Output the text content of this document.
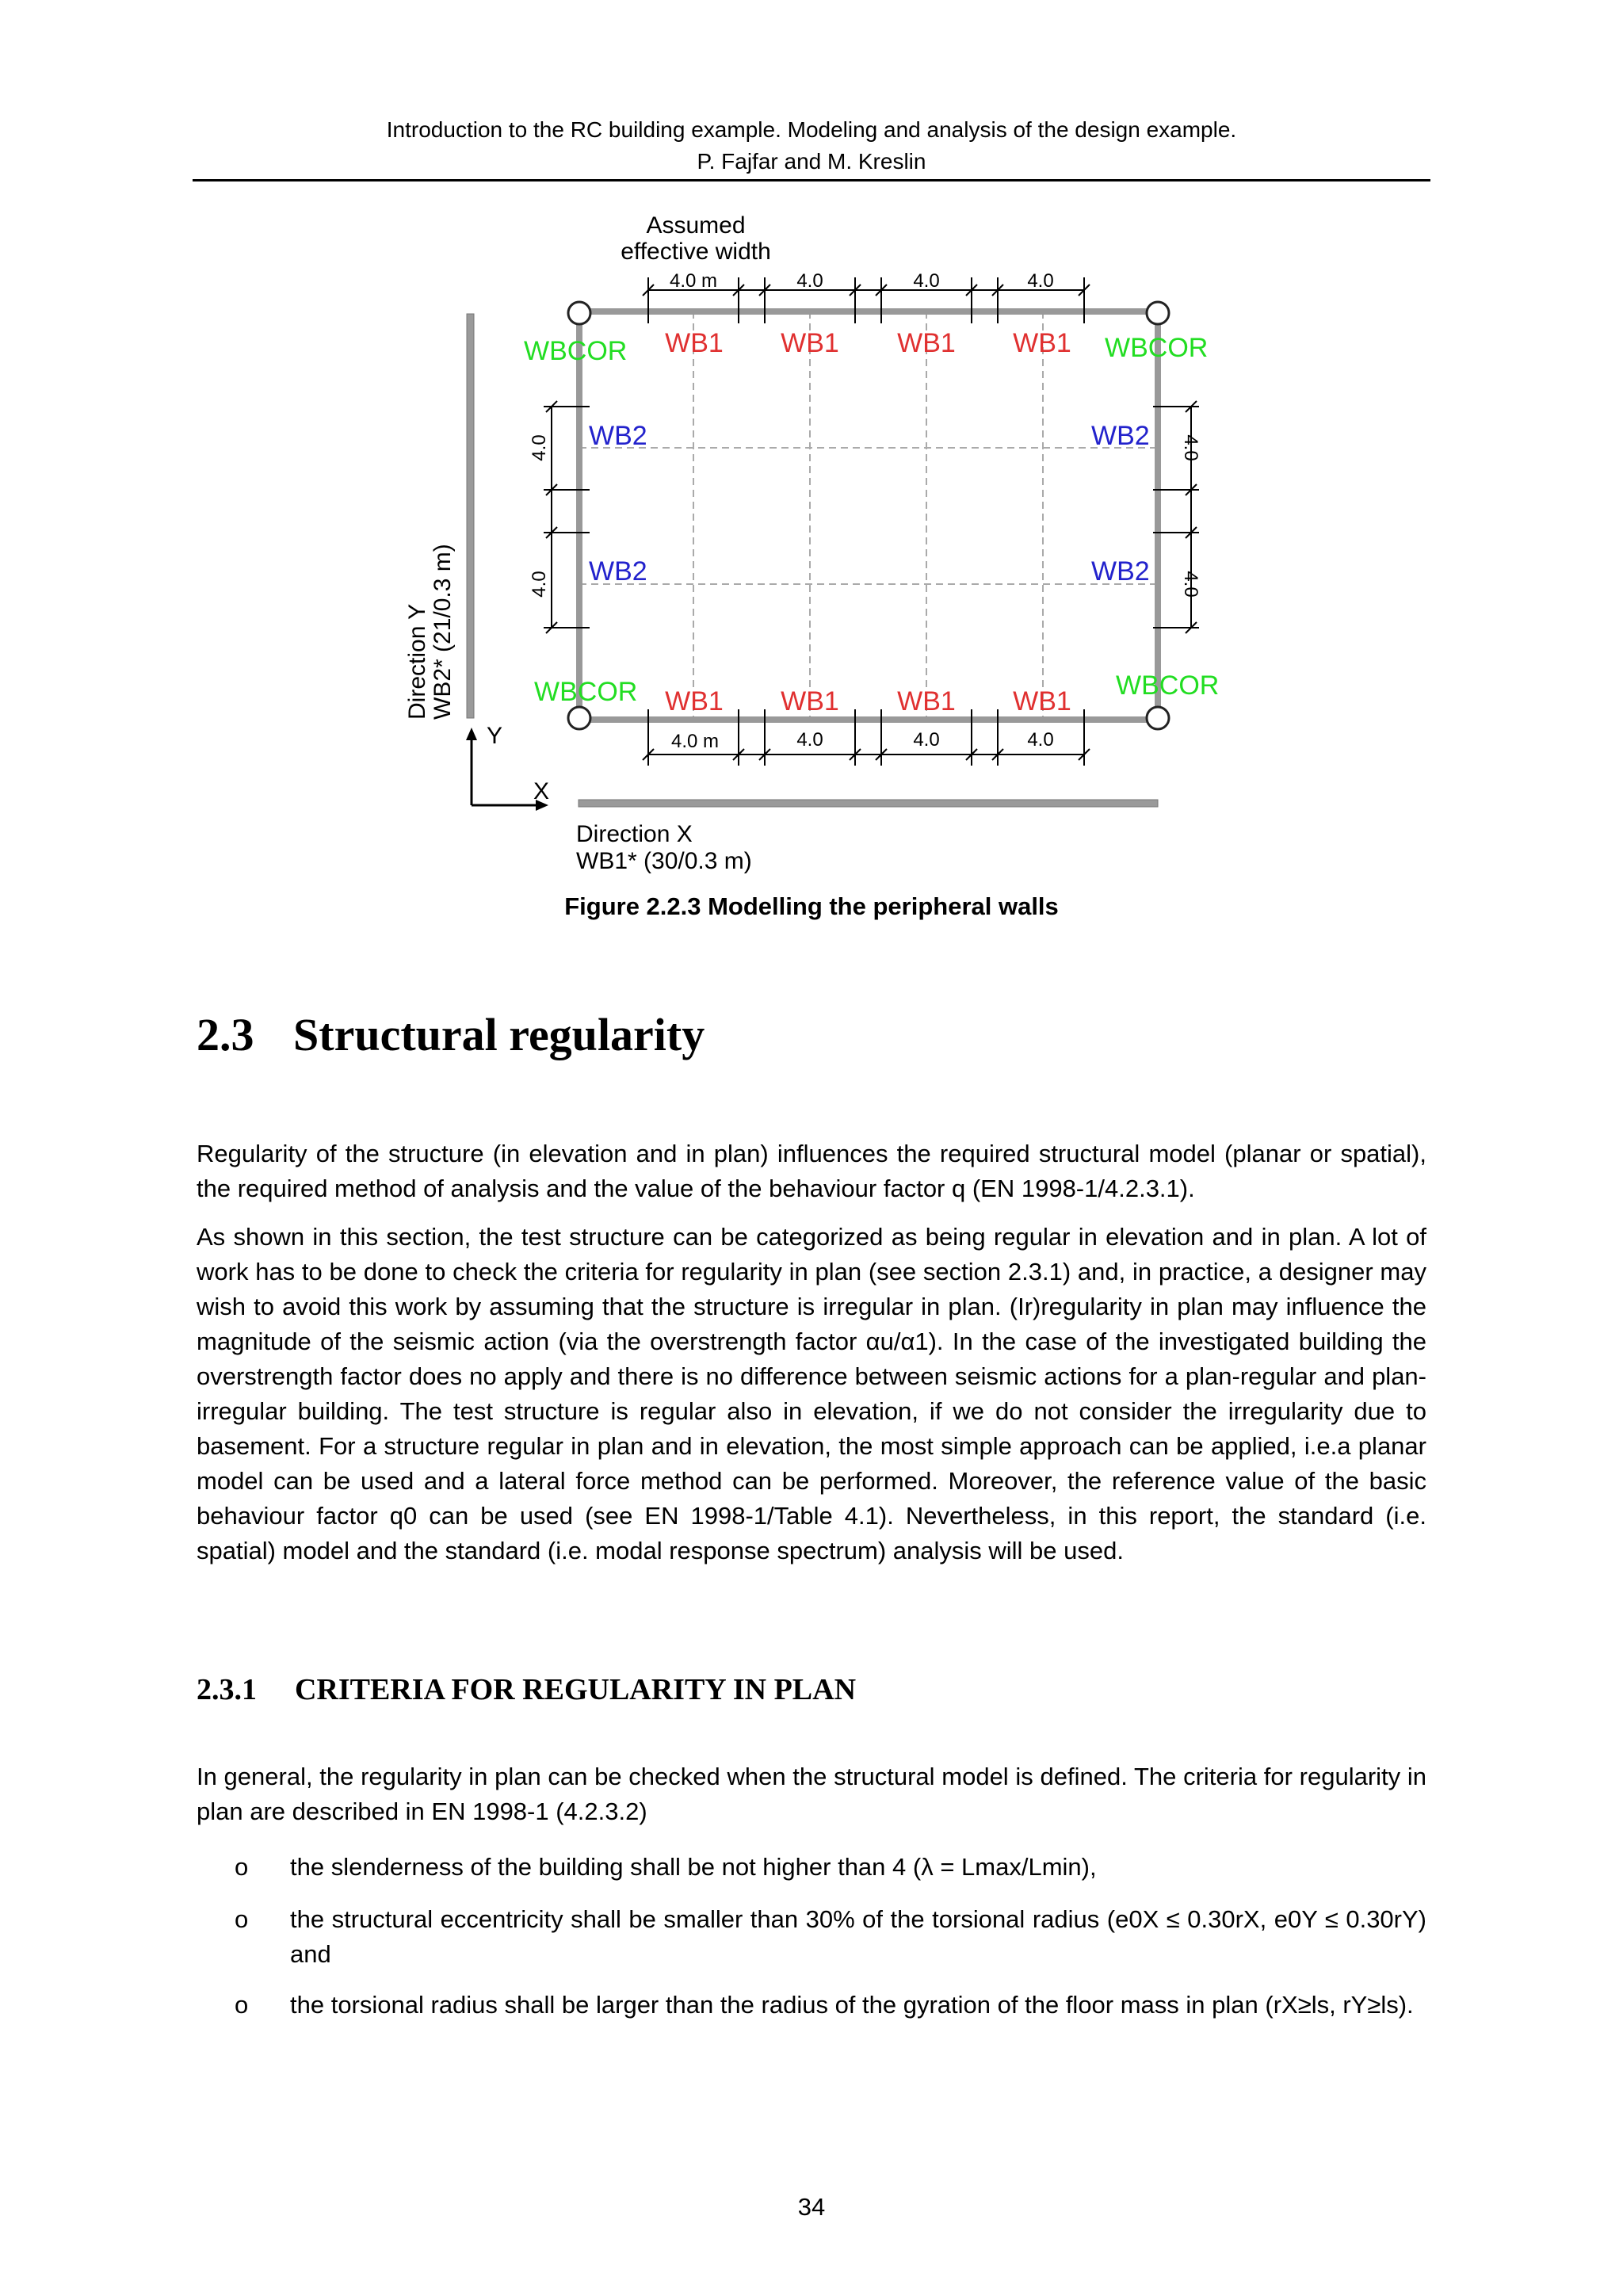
Introduction to the RC building example. Modeling and analysis of the design example.
P. Fajfar and M. Kreslin
Direction Y WB2* (21/0.3 m)
Y
X
Direction X
WB1* (30/0.3 m)
Assumed
effective width
4.0 m	4.0	4.0	4.0
4.0 m	4.0	4.0	4.0
4.0
4.0
4.0
4.0
WBCOR	WBCOR
WBCOR	WBCOR
WB1 WB1 WB1 WB1
WB1 WB1 WB1 WB1
WB2
WB2
WB2
WB2
Figure 2.2.3 Modelling the peripheral walls
2.3 Structural regularity

Regularity of the structure (in elevation and in plan) influences the required structural model (planar or spatial), the required method of analysis and the value of the behaviour factor q (EN 1998-1/4.2.3.1).

As shown in this section, the test structure can be categorized as being regular in elevation and in plan. A lot of work has to be done to check the criteria for regularity in plan (see section 2.3.1) and, in practice, a designer may wish to avoid this work by assuming that the structure is irregular in plan. (Ir)regularity in plan may influence the magnitude of the seismic action (via the overstrength factor αu/α1). In the case of the investigated building the overstrength factor does no apply and there is no difference between seismic actions for a plan-regular and plan-irregular building. The test structure is regular also in elevation, if we do not consider the irregularity due to basement. For a structure regular in plan and in elevation, the most simple approach can be applied, i.e.a planar model can be used and a lateral force method can be performed. Moreover, the reference value of the basic behaviour factor q0 can be used (see EN 1998-1/Table 4.1). Nevertheless, in this report, the standard (i.e. spatial) model and the standard (i.e. modal response spectrum) analysis will be used.

2.3.1 CRITERIA FOR REGULARITY IN PLAN

In general, the regularity in plan can be checked when the structural model is defined. The criteria for regularity in plan are described in EN 1998-1 (4.2.3.2)

o the slenderness of the building shall be not higher than 4 (λ = Lmax/Lmin),

o the structural eccentricity shall be smaller than 30% of the torsional radius (e0X ≤ 0.30rX, e0Y ≤ 0.30rY) and

o the torsional radius shall be larger than the radius of the gyration of the floor mass in plan (rX≥ls, rY≥ls).

34
